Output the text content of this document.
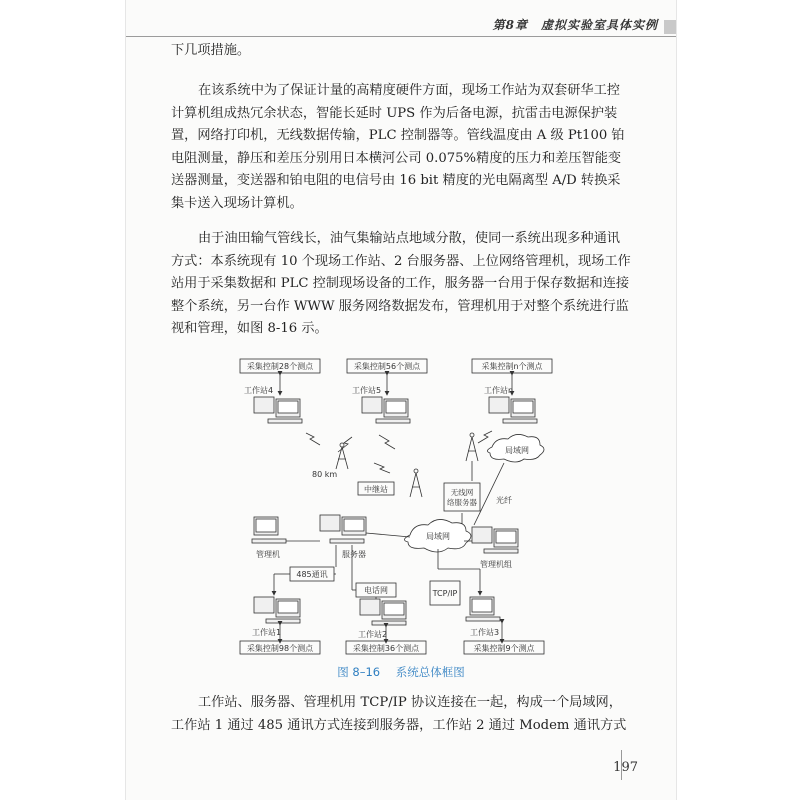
第8章　虚拟实验室具体实例

下几项措施。

在该系统中为了保证计量的高精度硬件方面，现场工作站为双套研华工控计算机组成热冗余状态，智能长延时 UPS 作为后备电源，抗雷击电源保护装置，网络打印机，无线数据传输，PLC 控制器等。管线温度由 A 级 Pt100 铂电阻测量，静压和差压分别用日本横河公司 0.075%精度的压力和差压智能变送器测量，变送器和铂电阻的电信号由 16 bit 精度的光电隔离型 A/D 转换采集卡送入现场计算机。

由于油田输气管线长，油气集输站点地域分散，使同一系统出现多种通讯方式：本系统现有 10 个现场工作站、2 台服务器、上位网络管理机，现场工作站用于采集数据和 PLC 控制现场设备的工作，服务器一台用于保存数据和连接整个系统，另一台作 WWW 服务网络数据发布，管理机用于对整个系统进行监视和管理，如图 8-16 示。

采集控制28个测点	采集控制56个测点	采集控制n个测点
工作站4	工作站5	工作站n
80 km
中继站	无线网络服务器
局域网
光纤
局域网
管理机	服务器
管理机组
485通讯
电话网	TCP/IP
工作站1	工作站2	工作站3
采集控制98个测点	采集控制36个测点	采集控制9个测点
图 8–16 系统总体框图

工作站、服务器、管理机用 TCP/IP 协议连接在一起，构成一个局域网，工作站 1 通过 485 通讯方式连接到服务器，工作站 2 通过 Modem 通讯方式

197
